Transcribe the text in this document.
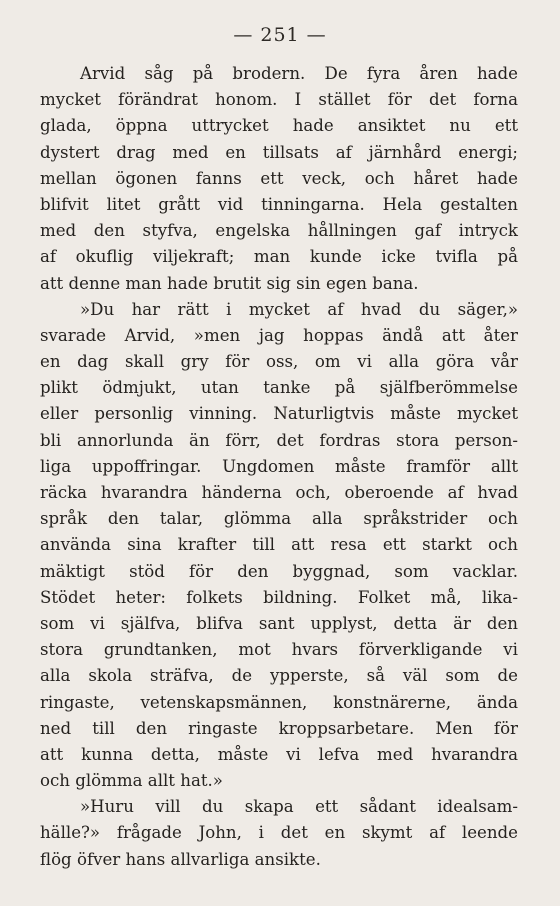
— 251 —
Arvid såg på brodern. De fyra åren hade
mycket förändrat honom. I stället för det forna
glada, öppna uttrycket hade ansiktet nu ett
dystert drag med en tillsats af järnhård energi;
mellan ögonen fanns ett veck, och håret hade
blifvit litet grått vid tinningarna. Hela gestalten
med den styfva, engelska hållningen gaf intryck
af okuflig viljekraft; man kunde icke tvifla på
att denne man hade brutit sig sin egen bana.
»Du har rätt i mycket af hvad du säger,»
svarade Arvid, »men jag hoppas ändå att åter
en dag skall gry för oss, om vi alla göra vår
plikt ödmjukt, utan tanke på själfberömmelse
eller personlig vinning. Naturligtvis måste mycket
bli annorlunda än förr, det fordras stora person-
liga uppoffringar. Ungdomen måste framför allt
räcka hvarandra händerna och, oberoende af hvad
språk den talar, glömma alla språkstrider och
använda sina krafter till att resa ett starkt och
mäktigt stöd för den byggnad, som vacklar.
Stödet heter: folkets bildning. Folket må, lika-
som vi själfva, blifva sant upplyst, detta är den
stora grundtanken, mot hvars förverkligande vi
alla skola sträfva, de ypperste, så väl som de
ringaste, vetenskapsmännen, konstnärerne, ända
ned till den ringaste kroppsarbetare. Men för
att kunna detta, måste vi lefva med hvarandra
och glömma allt hat.»
»Huru vill du skapa ett sådant idealsam-
hälle?» frågade John, i det en skymt af leende
flög öfver hans allvarliga ansikte.
